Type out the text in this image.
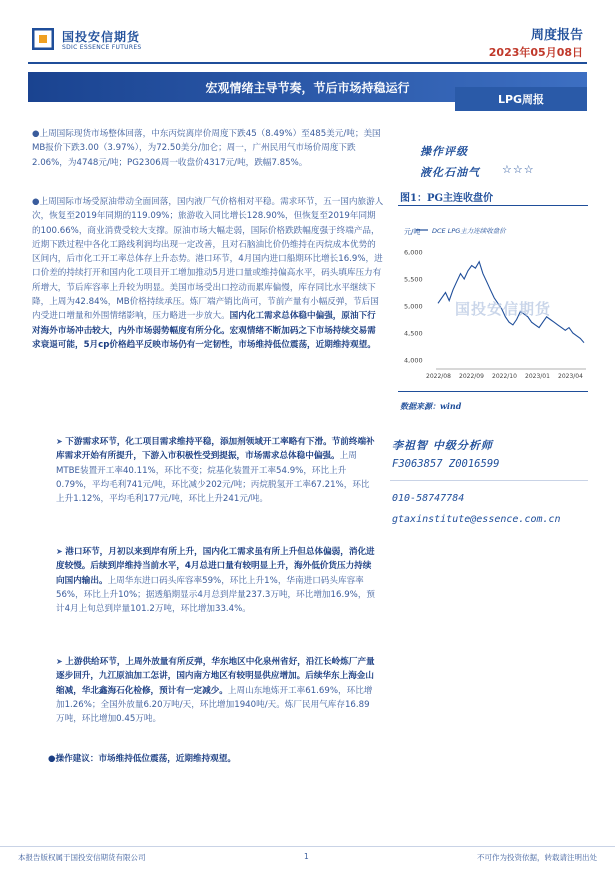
国投安信期货
SDIC ESSENCE FUTURES
周度报告
2023年05月08日
宏观情绪主导节奏，节后市场持稳运行
LPG周报
●上周国际现货市场整体回落，中东丙烷离岸价周度下跌45（8.49%）至485美元/吨；美国MB报价下跌3.00（3.97%），为72.50美分/加仑；周一，广州民用气市场价周度下跌2.06%，为4748元/吨；PG2306周一收盘价4317元/吨，跌幅7.85%。
●上周国际市场受原油带动全面回落，国内液厂气价格相对平稳。需求环节，五一国内旅游人次，恢复至2019年同期的119.09%；旅游收入同比增长128.90%，但恢复至2019年同期的100.66%，商业消费受较大支撑。原油市场大幅走弱，国际价格跌跌幅度强于终端产品，近期下跌过程中各化工路线利润均出现一定改善，且对石脑油比价仍维持在丙烷成本优势的区间内，后市化工开工率总体存上升态势。港口环节，4月国内进口船期环比增长16.9%，进口价差的持续打开和国内化工项目开工增加推动5月进口量或维持偏高水平，码头填库压力有所增大，节后库容率上升较为明显。美国市场受出口控动而累库偏慢，库存同比水平继续下降，上周为42.84%，MB价格持续承压。炼厂端产销比尚可，节前产量有小幅反弹，节后国内受进口增量和外围情绪影响，压力略进一步放大。国内化工需求总体稳中偏强，原油下行对海外市场冲击较大，内外市场弱势幅度有所分化。宏观情绪不断加码之下市场持续交易需求衰退可能，5月cp价格趋平反映市场仍有一定韧性，市场维持低位震荡，近期维持观望。
➤ 下游需求环节，化工项目需求维持平稳，添加剂领域开工率略有下滑。节前终端补库需求开始有所提升，下游入市积极性受到提振，市场需求总体稳中偏强。上周MTBE装置开工率40.11%，环比不变；烷基化装置开工率54.9%，环比上升0.79%，平均毛利741元/吨，环比减少202元/吨；丙烷脱氢开工率67.21%，环比上升1.12%，平均毛利177元/吨，环比上升241元/吨。
➤ 港口环节，月初以来到岸有所上升，国内化工需求虽有所上升但总体偏弱，消化进度较慢。后续到岸维持当前水平，4月总进口量有较明显上升，海外低价货压力持续向国内输出。上周华东进口码头库容率59%，环比上升1%，华南进口码头库容率56%，环比上升10%；据透船期显示4月总到岸量237.3万吨，环比增加16.9%，预计4月上旬总到岸量101.2万吨，环比增加33.4%。
➤ 上游供给环节，上周外放量有所反弹，华东地区中化泉州省好，沿江长岭炼厂产量逐步回升，九江原油加工怎讲，国内南方地区有较明显供应增加。后续华东上海金山缩减，华北鑫海石化检修，预计有一定减少。上周山东地炼开工率61.69%，环比增加1.26%；全国外放量6.20万吨/天，环比增加1940吨/天。炼厂民用气库存16.89万吨，环比增加0.45万吨。
●操作建议：市场维持低位震荡，近期维持观望。
操作评级
液化石油气 ☆☆☆
图1：PG主连收盘价
元/吨 DCE LPG主力连续收盘价
4,000
4,500
5,000
5,500
6,000
2022/08 2022/09 2022/10 2023/01 2023/04
国投安信期货
数据来源：wind
李祖智 中级分析师
F3063857 Z0016599
010-58747784
gtaxinstitute@essence.com.cn
本报告版权属于国投安信期货有限公司	1	不可作为投资依据，转载请注明出处
